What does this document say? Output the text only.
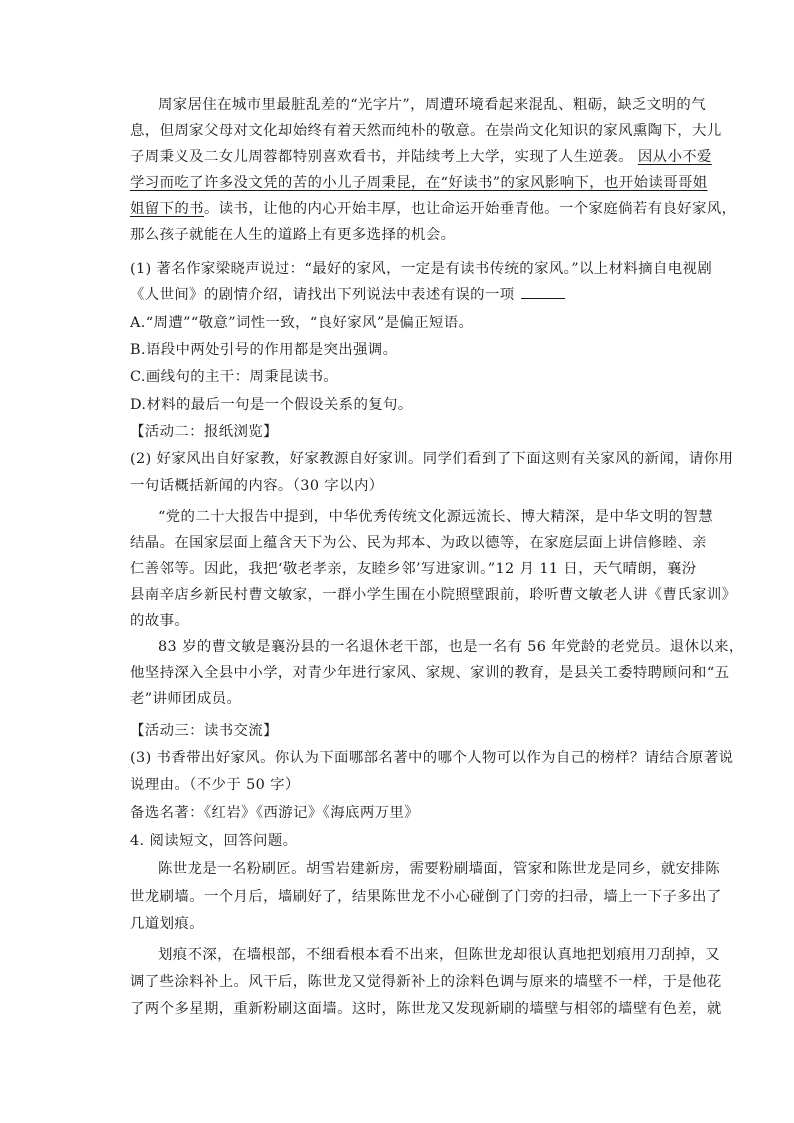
周家居住在城市里最脏乱差的“光字片”，周遭环境看起来混乱、粗砺，缺乏文明的气
息，但周家父母对文化却始终有着天然而纯朴的敬意。在崇尚文化知识的家风熏陶下，大儿
子周秉义及二女儿周蓉都特别喜欢看书，并陆续考上大学，实现了人生逆袭。 因从小不爱
学习而吃了许多没文凭的苦的小儿子周秉昆，在“好读书”的家风影响下，也开始读哥哥姐
姐留下的书。读书，让他的内心开始丰厚，也让命运开始垂青他。一个家庭倘若有良好家风，
那么孩子就能在人生的道路上有更多选择的机会。
(1) 著名作家梁晓声说过：“最好的家风，一定是有读书传统的家风。”以上材料摘自电视剧
《人世间》的剧情介绍，请找出下列说法中表述有误的一项
A.“周遭”“敬意”词性一致，“良好家风”是偏正短语。
B.语段中两处引号的作用都是突出强调。
C.画线句的主干：周秉昆读书。
D.材料的最后一句是一个假设关系的复句。
【活动二：报纸浏览】
(2) 好家风出自好家教，好家教源自好家训。同学们看到了下面这则有关家风的新闻，请你用
一句话概括新闻的内容。（30 字以内）
“党的二十大报告中提到，中华优秀传统文化源远流长、博大精深，是中华文明的智慧
结晶。在国家层面上蕴含天下为公、民为邦本、为政以德等，在家庭层面上讲信修睦、亲
仁善邻等。因此，我把‘敬老孝亲，友睦乡邻’写进家训。”12 月 11 日，天气晴朗，襄汾
县南辛店乡新民村曹文敏家，一群小学生围在小院照壁跟前，聆听曹文敏老人讲《曹氏家训》
的故事。
83 岁的曹文敏是襄汾县的一名退休老干部，也是一名有 56 年党龄的老党员。退休以来，
他坚持深入全县中小学，对青少年进行家风、家规、家训的教育，是县关工委特聘顾问和“五
老”讲师团成员。
【活动三：读书交流】
(3) 书香带出好家风。你认为下面哪部名著中的哪个人物可以作为自己的榜样？请结合原著说
说理由。（不少于 50 字）
备选名著：《红岩》《西游记》《海底两万里》
4. 阅读短文，回答问题。
陈世龙是一名粉刷匠。胡雪岩建新房，需要粉刷墙面，管家和陈世龙是同乡，就安排陈
世龙刷墙。一个月后，墙刷好了，结果陈世龙不小心碰倒了门旁的扫帚，墙上一下子多出了
几道划痕。
划痕不深，在墙根部，不细看根本看不出来，但陈世龙却很认真地把划痕用刀刮掉，又
调了些涂料补上。风干后，陈世龙又觉得新补上的涂料色调与原来的墙壁不一样，于是他花
了两个多星期，重新粉刷这面墙。这时，陈世龙又发现新刷的墙壁与相邻的墙壁有色差，就
